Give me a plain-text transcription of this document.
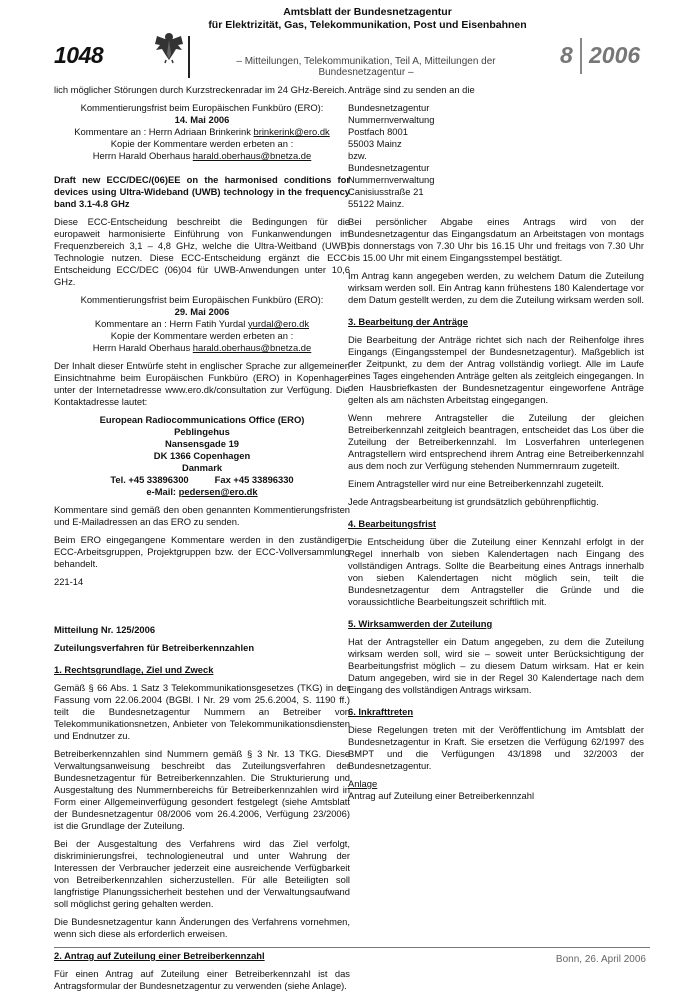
1048
Amtsblatt der Bundesnetzagentur
für Elektrizität, Gas, Telekommunikation, Post und Eisenbahnen
– Mitteilungen, Telekommunikation, Teil A, Mitteilungen der Bundesnetzagentur –
8 2006

lich möglicher Störungen durch Kurzstreckenradar im 24 GHz-Bereich.

Kommentierungsfrist beim Europäischen Funkbüro (ERO):

14. Mai 2006

Kommentare an : Herrn Adriaan Brinkerink brinkerink@ero.dk

Kopie der Kommentare werden erbeten an :

Herrn Harald Oberhaus harald.oberhaus@bnetza.de

Draft new ECC/DEC/(06)EE on the harmonised conditions for devices using Ultra-Wideband (UWB) technology in the frequency band 3.1-4.8 GHz

Diese ECC-Entscheidung beschreibt die Bedingungen für die europaweit harmonisierte Einführung von Funkanwendungen im Frequenzbereich 3,1 – 4,8 GHz, welche die Ultra-Weitband (UWB) Technologie nutzen. Diese ECC-Entscheidung ergänzt die ECC-Entscheidung ECC/DEC (06)04 für UWB-Anwendungen unter 10,6 GHz.

Kommentierungsfrist beim Europäischen Funkbüro (ERO):

29. Mai 2006

Kommentare an : Herrn Fatih Yurdal yurdal@ero.dk

Kopie der Kommentare werden erbeten an :

Herrn Harald Oberhaus harald.oberhaus@bnetza.de

Der Inhalt dieser Entwürfe steht in englischer Sprache zur allgemeinen Einsichtnahme beim Europäischen Funkbüro (ERO) in Kopenhagen unter der Internetadresse www.ero.dk/consultation zur Verfügung. Die Kontaktadresse lautet:

European Radiocommunications Office (ERO)
Peblingehus
Nansensgade 19
DK 1366 Copenhagen
Danmark
Tel. +45 33896300          Fax +45 33896330
e-Mail: pedersen@ero.dk

Kommentare sind gemäß den oben genannten Kommentierungsfristen und E-Mailadressen an das ERO zu senden.

Beim ERO eingegangene Kommentare werden in den zuständigen ECC-Arbeitsgruppen, Projektgruppen bzw. der ECC-Vollversammlung behandelt.

221-14

Mitteilung Nr. 125/2006

Zuteilungsverfahren für Betreiberkennzahlen

1. Rechtsgrundlage, Ziel und Zweck

Gemäß § 66 Abs. 1 Satz 3 Telekommunikationsgesetzes (TKG) in der Fassung vom 22.06.2004 (BGBl. I Nr. 29 vom 25.6.2004, S. 1190 ff.) teilt die Bundesnetzagentur Nummern an Betreiber von Telekommunikationsnetzen, Anbieter von Telekommunikationsdiensten und Endnutzer zu.

Betreiberkennzahlen sind Nummern gemäß § 3 Nr. 13 TKG. Diese Verwaltungsanweisung beschreibt das Zuteilungsverfahren der Bundesnetzagentur für Betreiberkennzahlen. Die Strukturierung und Ausgestaltung des Nummernbereichs für Betreiberkennzahlen wird in Form einer Allgemeinverfügung gesondert festgelegt (siehe Amtsblatt der Bundesnetzagentur 08/2006 vom 26.4.2006, Verfügung 23/2006) ist die Grundlage der Zuteilung.

Bei der Ausgestaltung des Verfahrens wird das Ziel verfolgt, diskriminierungsfrei, technologieneutral und unter Wahrung der Interessen der Verbraucher jederzeit eine ausreichende Verfügbarkeit von Betreiberkennzahlen sicherzustellen. Für alle Beteiligten soll langfristige Planungssicherheit bestehen und der Verwaltungsaufwand soll möglichst gering gehalten werden.

Die Bundesnetzagentur kann Änderungen des Verfahrens vornehmen, wenn sich diese als erforderlich erweisen.

2. Antrag auf Zuteilung einer Betreiberkennzahl

Für einen Antrag auf Zuteilung einer Betreiberkennzahl ist das Antragsformular der Bundesnetzagentur zu verwenden (siehe Anlage).

Anträge sind zu senden an die

Bundesnetzagentur
Nummernverwaltung
Postfach 8001
55003 Mainz
bzw.
Bundesnetzagentur
Nummernverwaltung
Canisiusstraße 21
55122 Mainz.

Bei persönlicher Abgabe eines Antrags wird von der Bundesnetzagentur das Eingangsdatum an Arbeitstagen von montags bis donnerstags von 7.30 Uhr bis 16.15 Uhr und freitags von 7.30 Uhr bis 15.00 Uhr mit einem Eingangsstempel bestätigt.

Im Antrag kann angegeben werden, zu welchem Datum die Zuteilung wirksam werden soll. Ein Antrag kann frühestens 180 Kalendertage vor dem Datum gestellt werden, zu dem die Zuteilung wirksam werden soll.

3. Bearbeitung der Anträge

Die Bearbeitung der Anträge richtet sich nach der Reihenfolge ihres Eingangs (Eingangsstempel der Bundesnetzagentur). Maßgeblich ist der Zeitpunkt, zu dem der Antrag vollständig vorliegt. Alle im Laufe eines Tages eingehenden Anträge gelten als zeitgleich eingegangen. In den Hausbriefkasten der Bundesnetzagentur eingeworfene Anträge gelten als am nächsten Arbeitstag eingegangen.

Wenn mehrere Antragsteller die Zuteilung der gleichen Betreiberkennzahl zeitgleich beantragen, entscheidet das Los über die Zuteilung der Betreiberkennzahl. Im Losverfahren unterlegenen Antragstellern wird entsprechend ihrem Antrag eine Betreiberkennzahl aus dem noch zur Verfügung stehenden Nummernraum zugeteilt.

Einem Antragsteller wird nur eine Betreiberkennzahl zugeteilt.

Jede Antragsbearbeitung ist grundsätzlich gebührenpflichtig.

4. Bearbeitungsfrist

Die Entscheidung über die Zuteilung einer Kennzahl erfolgt in der Regel innerhalb von sieben Kalendertagen nach Eingang des vollständigen Antrags. Sollte die Bearbeitung eines Antrags innerhalb von sieben Kalendertagen nicht möglich sein, teilt die Bundesnetzagentur dem Antragsteller die Gründe und die voraussichtliche Bearbeitungszeit schriftlich mit.

5. Wirksamwerden der Zuteilung

Hat der Antragsteller ein Datum angegeben, zu dem die Zuteilung wirksam werden soll, wird sie – soweit unter Berücksichtigung der Bearbeitungsfrist möglich – zu diesem Datum wirksam. Hat er kein Datum angegeben, wird sie in der Regel 30 Kalendertage nach dem Eingang des vollständigen Antrags wirksam.

6. Inkrafttreten

Diese Regelungen treten mit der Veröffentlichung im Amtsblatt der Bundesnetzagentur in Kraft. Sie ersetzen die Verfügung 62/1997 des BMPT und die Verfügungen 43/1898 und 32/2003 der Bundesnetzagentur.

Anlage

Antrag auf Zuteilung einer Betreiberkennzahl

Bonn, 26. April 2006
